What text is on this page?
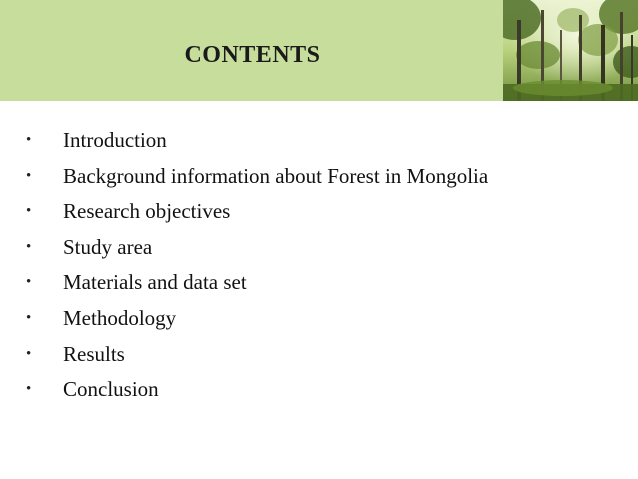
CONTENTS
•	Introduction
•	Background information about Forest in Mongolia
•	Research objectives
•	Study area
•	Materials and data set
•	Methodology
•	Results
•	Conclusion
